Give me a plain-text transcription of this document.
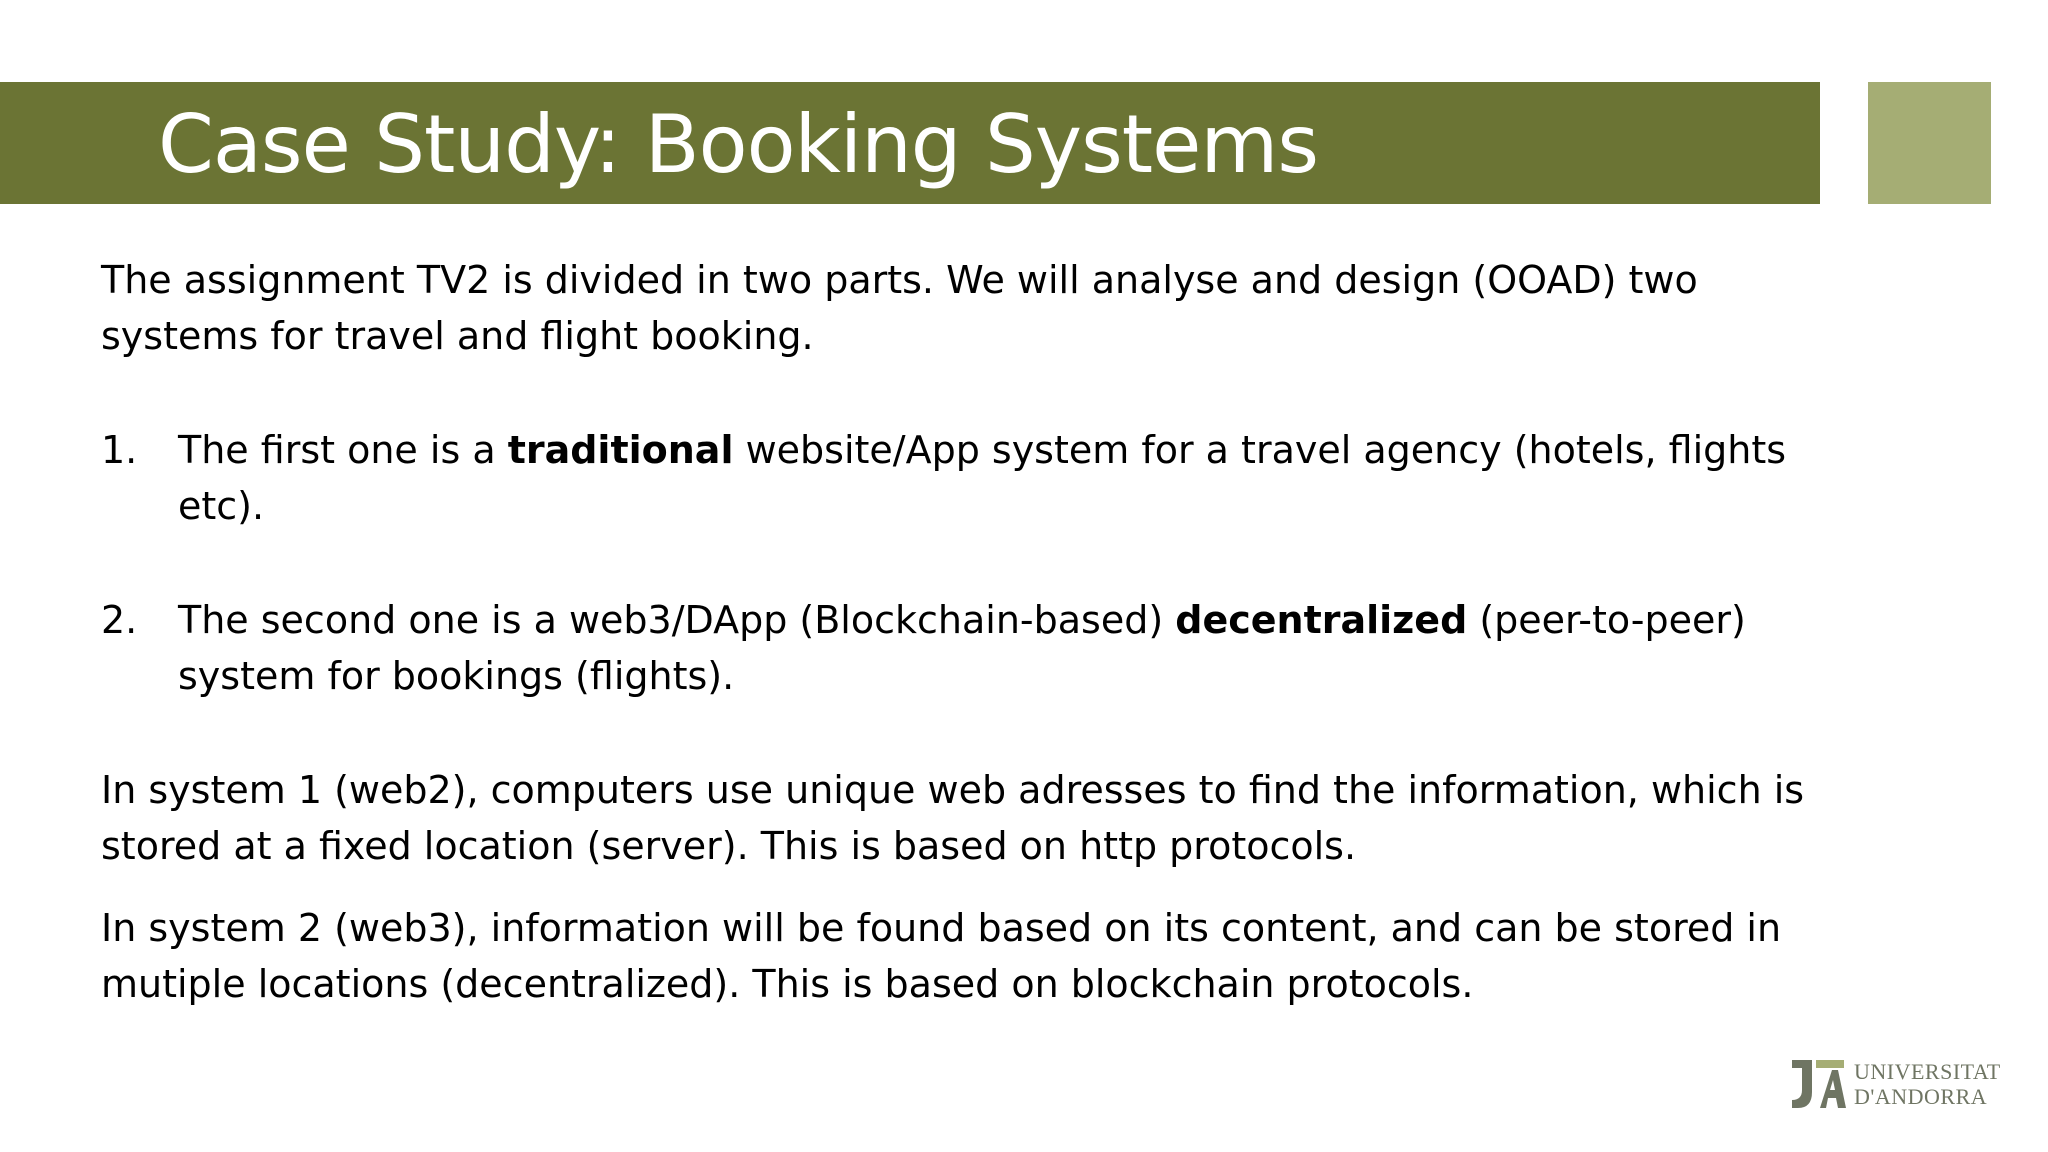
Case Study: Booking Systems

The assignment TV2 is divided in two parts. We will analyse and design (OOAD) two systems for travel and flight booking.

1. The first one is a traditional website/App system for a travel agency (hotels, flights etc).
2. The second one is a web3/DApp (Blockchain-based) decentralized (peer-to-peer) system for bookings (flights).

In system 1 (web2), computers use unique web adresses to find the information, which is stored at a fixed location (server). This is based on http protocols.

In system 2 (web3), information will be found based on its content, and can be stored in mutiple locations (decentralized). This is based on blockchain protocols.

UNIVERSITAT
D'ANDORRA
